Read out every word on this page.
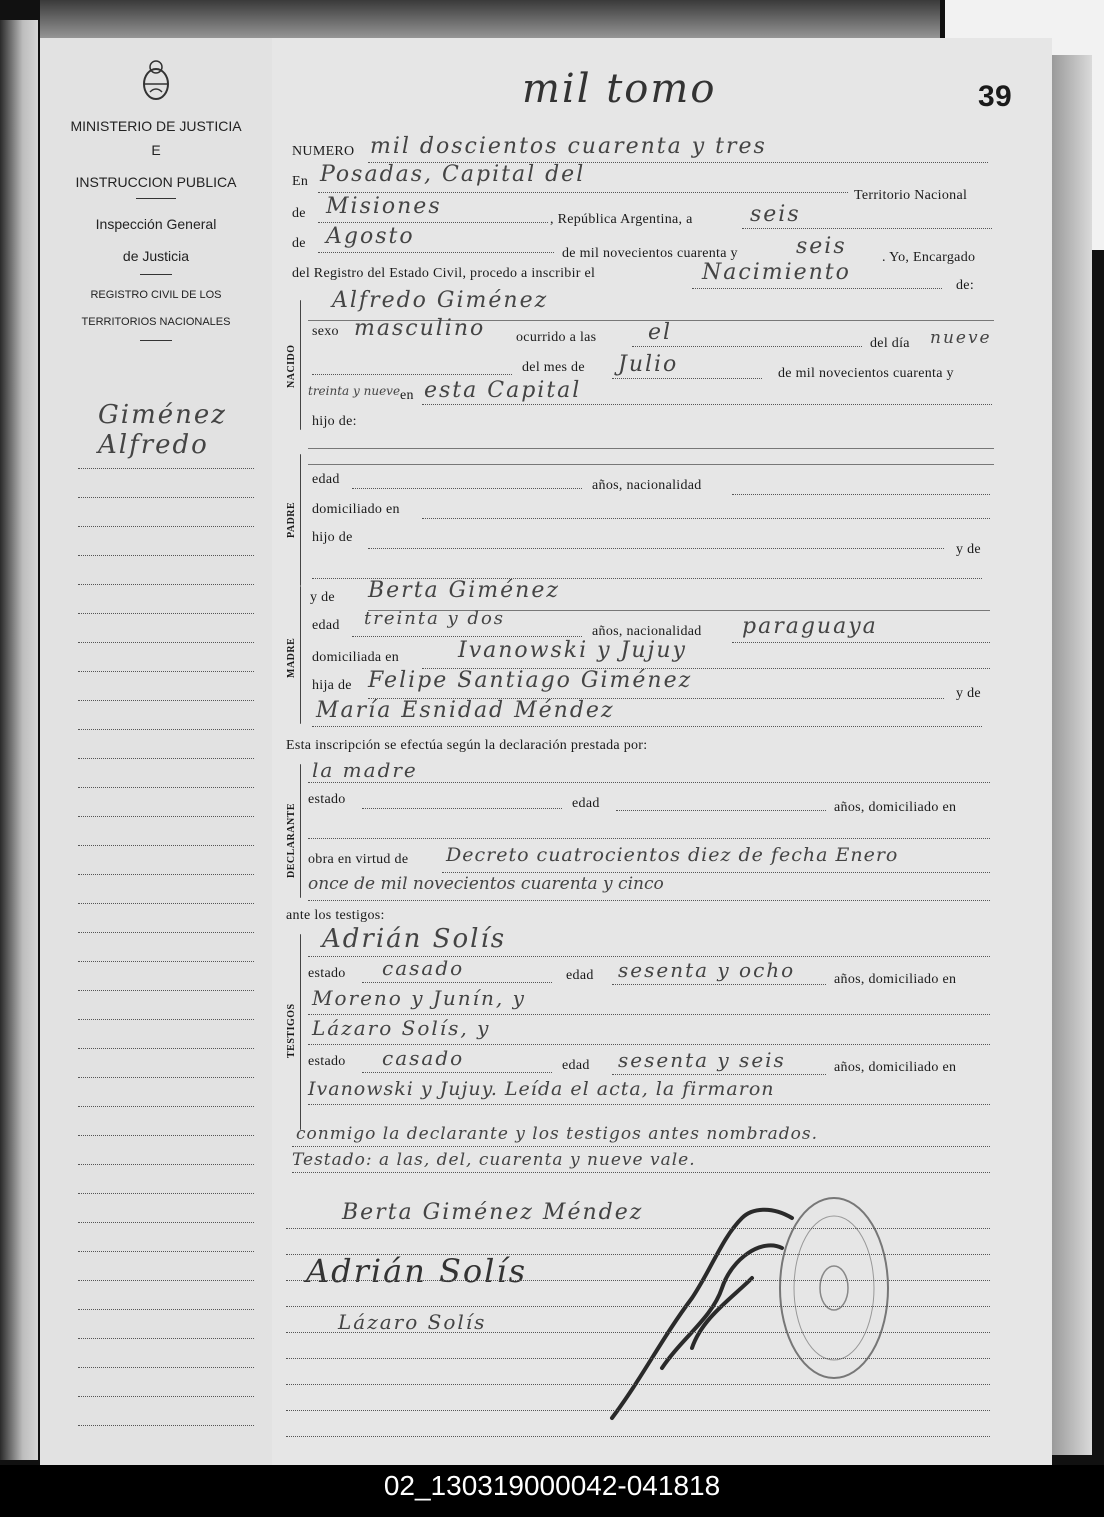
MINISTERIO DE JUSTICIA
E
INSTRUCCION PUBLICA
Inspección General
de Justicia
REGISTRO CIVIL DE LOS
TERRITORIOS NACIONALES
Giménez
Alfredo
mil tomo	39
NUMERO mil doscientos cuarenta y tres
En Posadas, Capital del
Territorio Nacional
de Misiones
, República Argentina, a	seis
de Agosto
de mil novecientos cuarenta y	seis	. Yo, Encargado
del Registro del Estado Civil, procedo a inscribir el	Nacimiento
de:
NACIDO
Alfredo Giménez
sexo masculino ocurrido a las el	del día nueve
del mes de Julio	de mil novecientos cuarenta y
treinta y nueve en esta Capital
hijo de:
PADRE
edad	años, nacionalidad
domiciliado en
hijo de
y de
MADRE
y de Berta Giménez
edad treinta y dos
años, nacionalidad paraguaya
domiciliada en	Ivanowski y Jujuy
hija de Felipe Santiago Giménez
y de
María Esnidad Méndez
Esta inscripción se efectúa según la declaración prestada por:
DECLARANTE
la madre
estado	edad	años, domiciliado en
obra en virtud de Decreto cuatrocientos diez de fecha Enero
once de mil novecientos cuarenta y cinco
ante los testigos:
TESTIGOS
Adrián Solís
estado casado	edad sesenta y ocho	años, domiciliado en
Moreno y Junín, y
Lázaro Solís, y
estado casado	edad sesenta y seis	años, domiciliado en
Ivanowski y Jujuy. Leída el acta, la firmaron
conmigo la declarante y los testigos antes nombrados.
Testado: a las, del, cuarenta y nueve vale.
Berta Giménez Méndez
Adrián Solís
Lázaro Solís
02_130319000042-041818
